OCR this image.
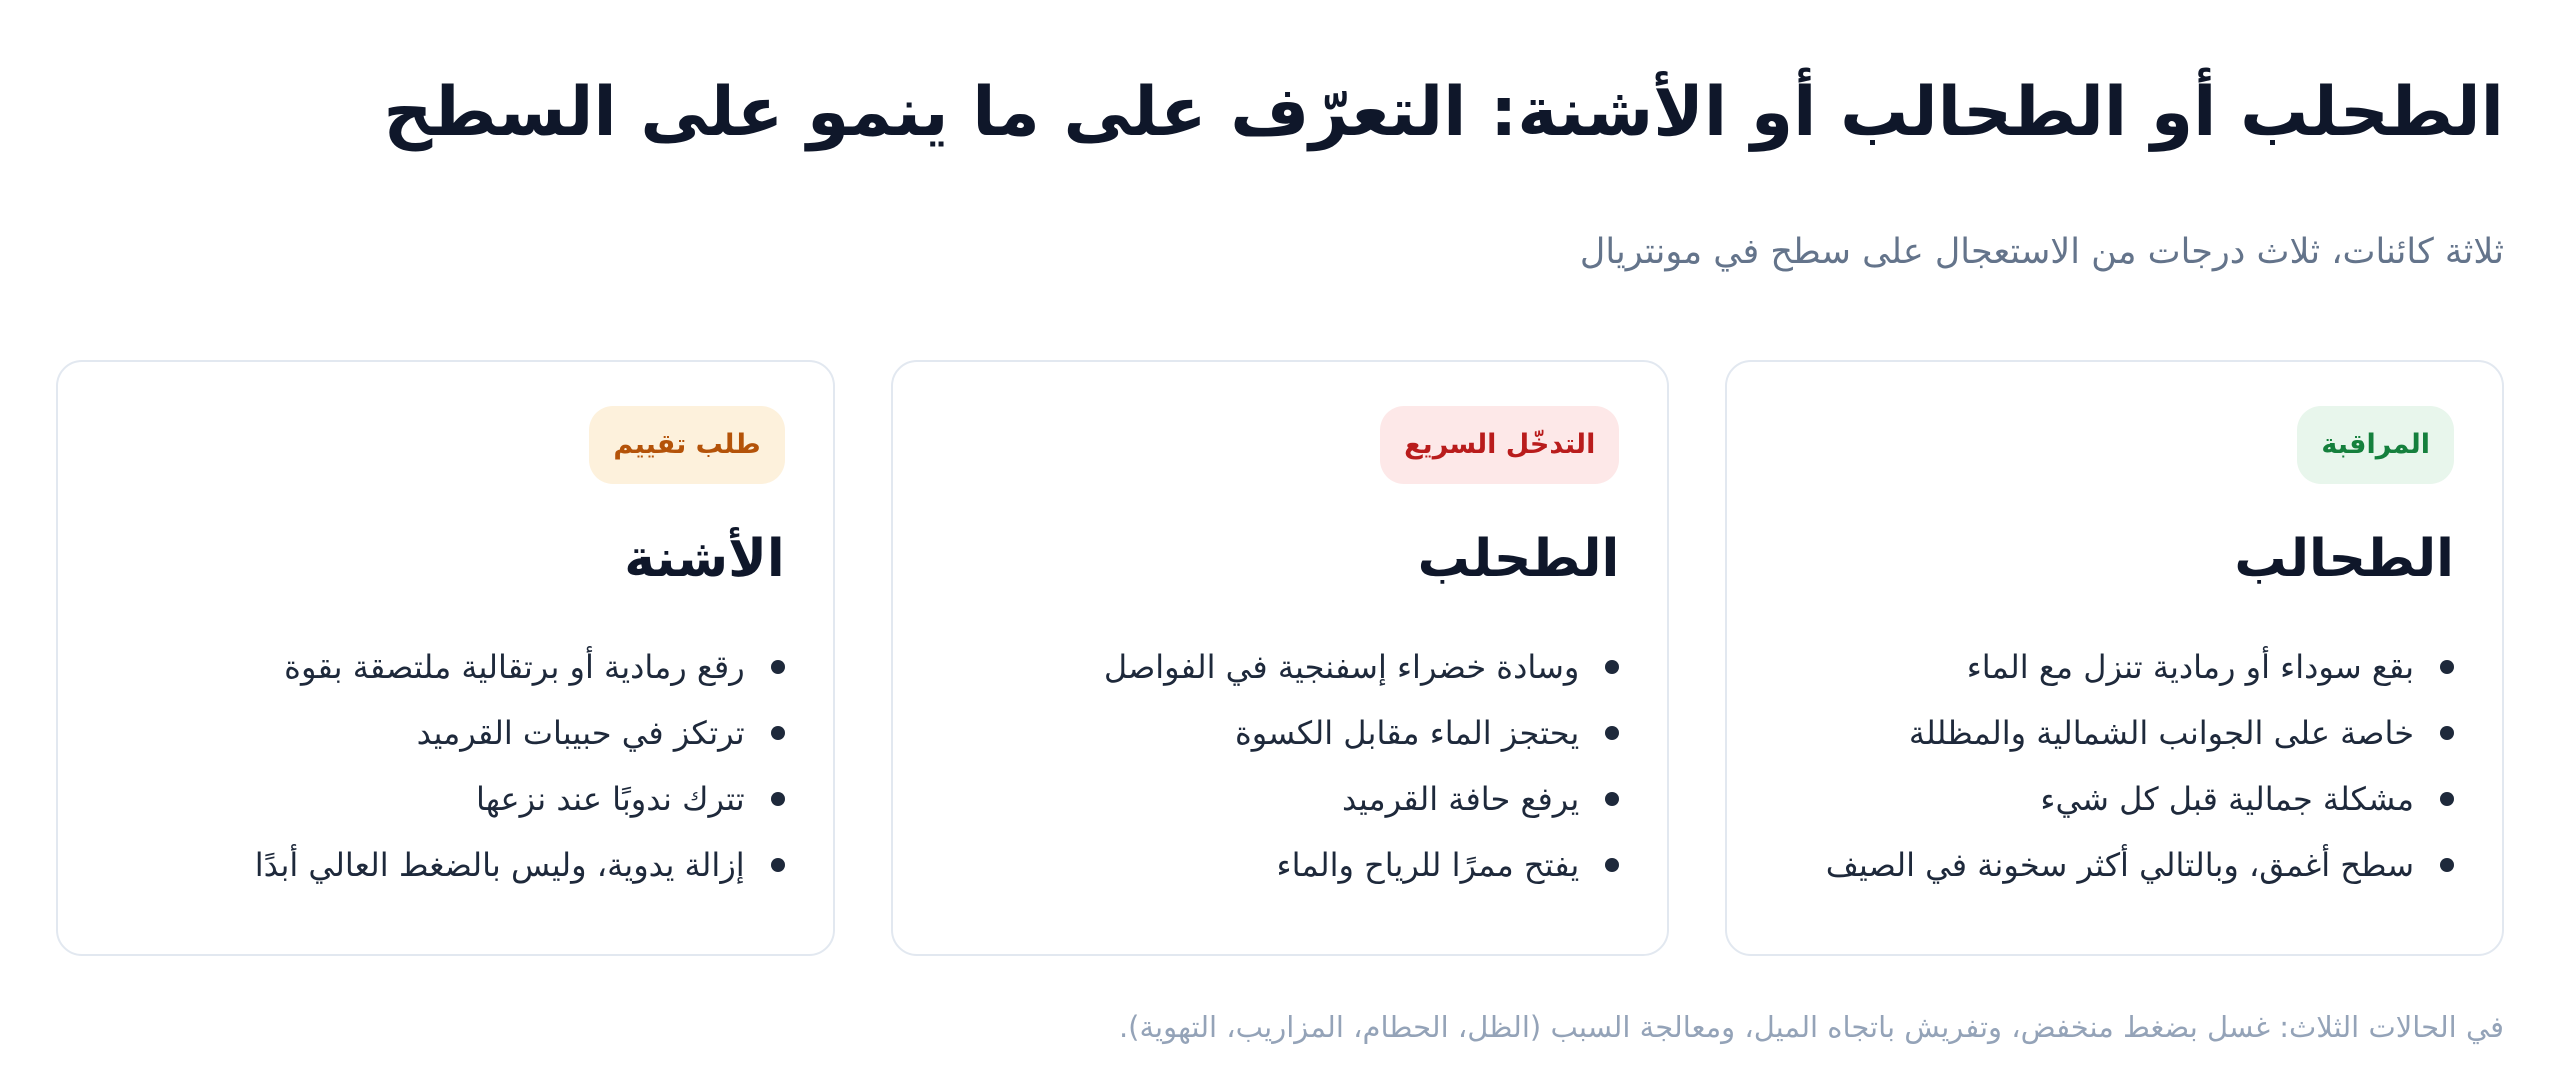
الطحلب أو الطحالب أو الأشنة: التعرّف على ما ينمو على السطح

ثلاثة كائنات، ثلاث درجات من الاستعجال على سطح في مونتريال

المراقبة
الطحالب
بقع سوداء أو رمادية تنزل مع الماء
خاصة على الجوانب الشمالية والمظللة
مشكلة جمالية قبل كل شيء
سطح أغمق، وبالتالي أكثر سخونة في الصيف
التدخّل السريع
الطحلب
وسادة خضراء إسفنجية في الفواصل
يحتجز الماء مقابل الكسوة
يرفع حافة القرميد
يفتح ممرًا للرياح والماء
طلب تقييم
الأشنة
رقع رمادية أو برتقالية ملتصقة بقوة
ترتكز في حبيبات القرميد
تترك ندوبًا عند نزعها
إزالة يدوية، وليس بالضغط العالي أبدًا

في الحالات الثلاث: غسل بضغط منخفض، وتفريش باتجاه الميل، ومعالجة السبب (الظل، الحطام، المزاريب، التهوية).
